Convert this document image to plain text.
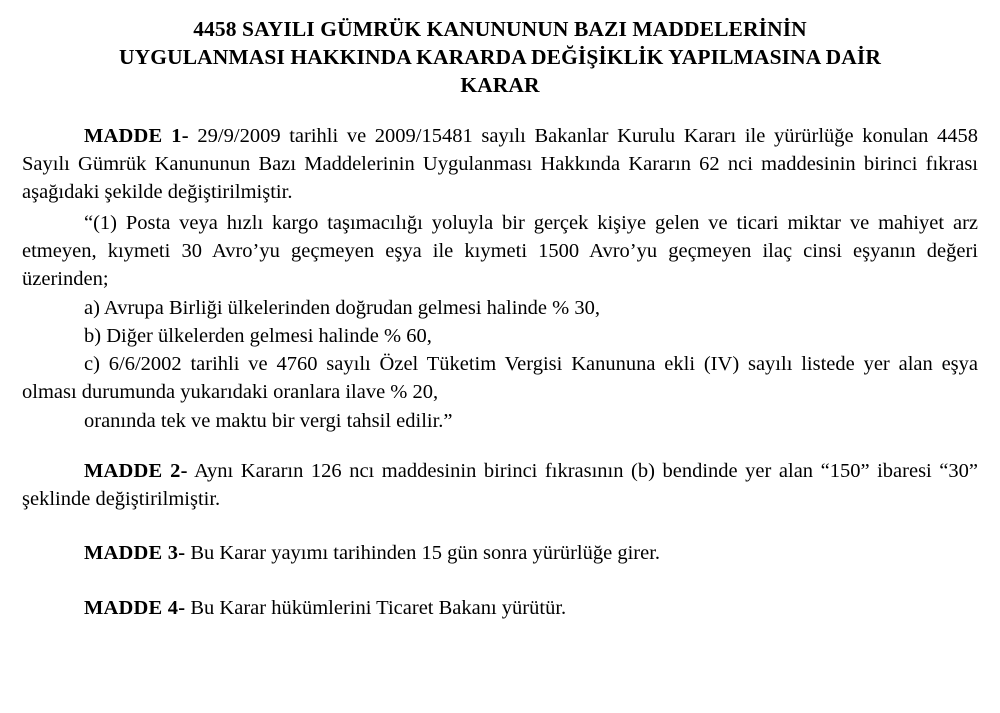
4458 SAYILI GÜMRÜK KANUNUNUN BAZI MADDELERİNİN
UYGULANMASI HAKKINDA KARARDA DEĞİŞİKLİK YAPILMASINA DAİR
KARAR

MADDE 1- 29/9/2009 tarihli ve 2009/15481 sayılı Bakanlar Kurulu Kararı ile yürürlüğe konulan 4458 Sayılı Gümrük Kanununun Bazı Maddelerinin Uygulanması Hakkında Kararın 62 nci maddesinin birinci fıkrası aşağıdaki şekilde değiştirilmiştir.

“(1) Posta veya hızlı kargo taşımacılığı yoluyla bir gerçek kişiye gelen ve ticari miktar ve mahiyet arz etmeyen, kıymeti 30 Avro’yu geçmeyen eşya ile kıymeti 1500 Avro’yu geçmeyen ilaç cinsi eşyanın değeri üzerinden;

a) Avrupa Birliği ülkelerinden doğrudan gelmesi halinde % 30,

b) Diğer ülkelerden gelmesi halinde % 60,

c) 6/6/2002 tarihli ve 4760 sayılı Özel Tüketim Vergisi Kanununa ekli (IV) sayılı listede yer alan eşya olması durumunda yukarıdaki oranlara ilave % 20,

oranında tek ve maktu bir vergi tahsil edilir.”

MADDE 2- Aynı Kararın 126 ncı maddesinin birinci fıkrasının (b) bendinde yer alan “150” ibaresi “30” şeklinde değiştirilmiştir.

MADDE 3- Bu Karar yayımı tarihinden 15 gün sonra yürürlüğe girer.

MADDE 4- Bu Karar hükümlerini Ticaret Bakanı yürütür.
